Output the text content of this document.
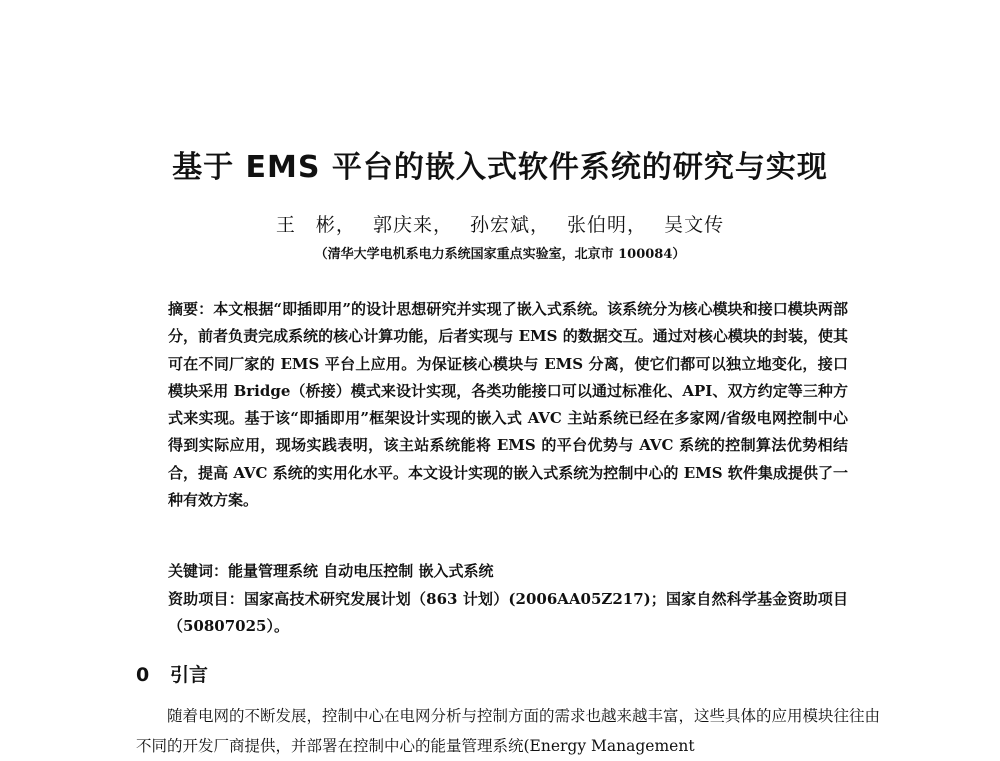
基于 EMS 平台的嵌入式软件系统的研究与实现
王　彬， 郭庆来， 孙宏斌， 张伯明， 吴文传
（清华大学电机系电力系统国家重点实验室，北京市 100084）
摘要：本文根据“即插即用”的设计思想研究并实现了嵌入式系统。该系统分为核心模块和接口模块两部分，前者负责完成系统的核心计算功能，后者实现与 EMS 的数据交互。通过对核心模块的封装，使其可在不同厂家的 EMS 平台上应用。为保证核心模块与 EMS 分离，使它们都可以独立地变化，接口模块采用 Bridge（桥接）模式来设计实现，各类功能接口可以通过标准化、API、双方约定等三种方式来实现。基于该“即插即用”框架设计实现的嵌入式 AVC 主站系统已经在多家网/省级电网控制中心得到实际应用，现场实践表明，该主站系统能将 EMS 的平台优势与 AVC 系统的控制算法优势相结合，提高 AVC 系统的实用化水平。本文设计实现的嵌入式系统为控制中心的 EMS 软件集成提供了一种有效方案。
关键词：能量管理系统 自动电压控制 嵌入式系统
资助项目：国家高技术研究发展计划（863 计划）(2006AA05Z217)；国家自然科学基金资助项目（50807025）。
0 引言
随着电网的不断发展，控制中心在电网分析与控制方面的需求也越来越丰富，这些具体的应用模块往往由不同的开发厂商提供，并部署在控制中心的能量管理系统(Energy Management
